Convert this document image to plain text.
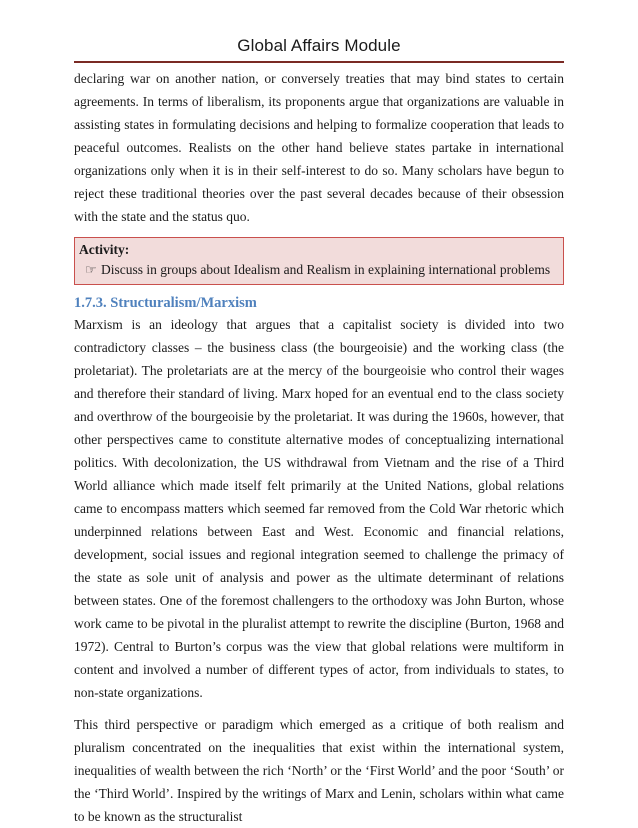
Global Affairs Module

declaring war on another nation, or conversely treaties that may bind states to certain agreements. In terms of liberalism, its proponents argue that organizations are valuable in assisting states in formulating decisions and helping to formalize cooperation that leads to peaceful outcomes. Realists on the other hand believe states partake in international organizations only when it is in their self-interest to do so. Many scholars have begun to reject these traditional theories over the past several decades because of their obsession with the state and the status quo.

Activity:
☞ Discuss in groups about Idealism and Realism in explaining international problems
1.7.3. Structuralism/Marxism

Marxism is an ideology that argues that a capitalist society is divided into two contradictory classes – the business class (the bourgeoisie) and the working class (the proletariat). The proletariats are at the mercy of the bourgeoisie who control their wages and therefore their standard of living. Marx hoped for an eventual end to the class society and overthrow of the bourgeoisie by the proletariat. It was during the 1960s, however, that other perspectives came to constitute alternative modes of conceptualizing international politics. With decolonization, the US withdrawal from Vietnam and the rise of a Third World alliance which made itself felt primarily at the United Nations, global relations came to encompass matters which seemed far removed from the Cold War rhetoric which underpinned relations between East and West. Economic and financial relations, development, social issues and regional integration seemed to challenge the primacy of the state as sole unit of analysis and power as the ultimate determinant of relations between states. One of the foremost challengers to the orthodoxy was John Burton, whose work came to be pivotal in the pluralist attempt to rewrite the discipline (Burton, 1968 and 1972). Central to Burton’s corpus was the view that global relations were multiform in content and involved a number of different types of actor, from individuals to states, to non-state organizations.

This third perspective or paradigm which emerged as a critique of both realism and pluralism concentrated on the inequalities that exist within the international system, inequalities of wealth between the rich ‘North’ or the ‘First World’ and the poor ‘South’ or the ‘Third World’. Inspired by the writings of Marx and Lenin, scholars within what came to be known as the structuralist
